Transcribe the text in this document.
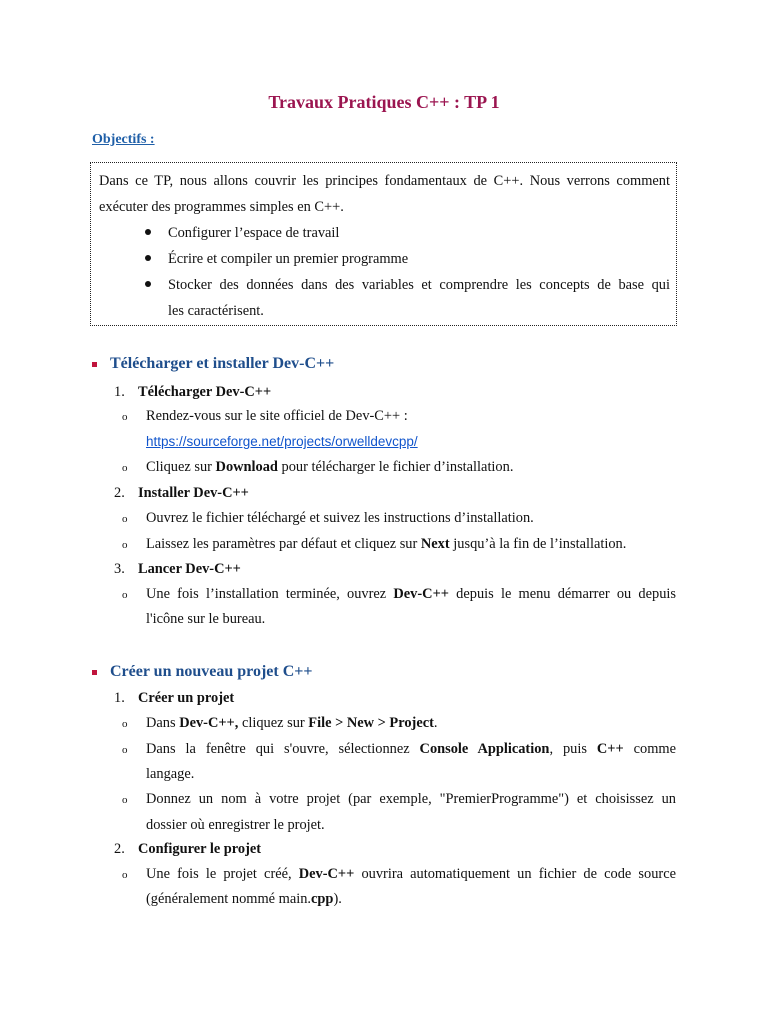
Travaux Pratiques C++ : TP 1
Objectifs :
Dans ce TP, nous allons couvrir les principes fondamentaux de C++. Nous verrons comment
exécuter des programmes simples en C++.
Configurer l’espace de travail
Écrire et compiler un premier programme
Stocker des données dans des variables et comprendre les concepts de base qui
les caractérisent.
Télécharger et installer Dev-C++
1. Télécharger Dev-C++
o Rendez-vous sur le site officiel de Dev-C++ :
https://sourceforge.net/projects/orwelldevcpp/
o Cliquez sur Download pour télécharger le fichier d’installation.
2. Installer Dev-C++
o Ouvrez le fichier téléchargé et suivez les instructions d’installation.
o Laissez les paramètres par défaut et cliquez sur Next jusqu’à la fin de l’installation.
3. Lancer Dev-C++
o Une fois l’installation terminée, ouvrez Dev-C++ depuis le menu démarrer ou depuis
l'icône sur le bureau.
Créer un nouveau projet C++
1. Créer un projet
o Dans Dev-C++, cliquez sur File > New > Project.
o Dans la fenêtre qui s'ouvre, sélectionnez Console Application, puis C++ comme
langage.
o Donnez un nom à votre projet (par exemple, "PremierProgramme") et choisissez un
dossier où enregistrer le projet.
2. Configurer le projet
o Une fois le projet créé, Dev-C++ ouvrira automatiquement un fichier de code source
(généralement nommé main.cpp).
